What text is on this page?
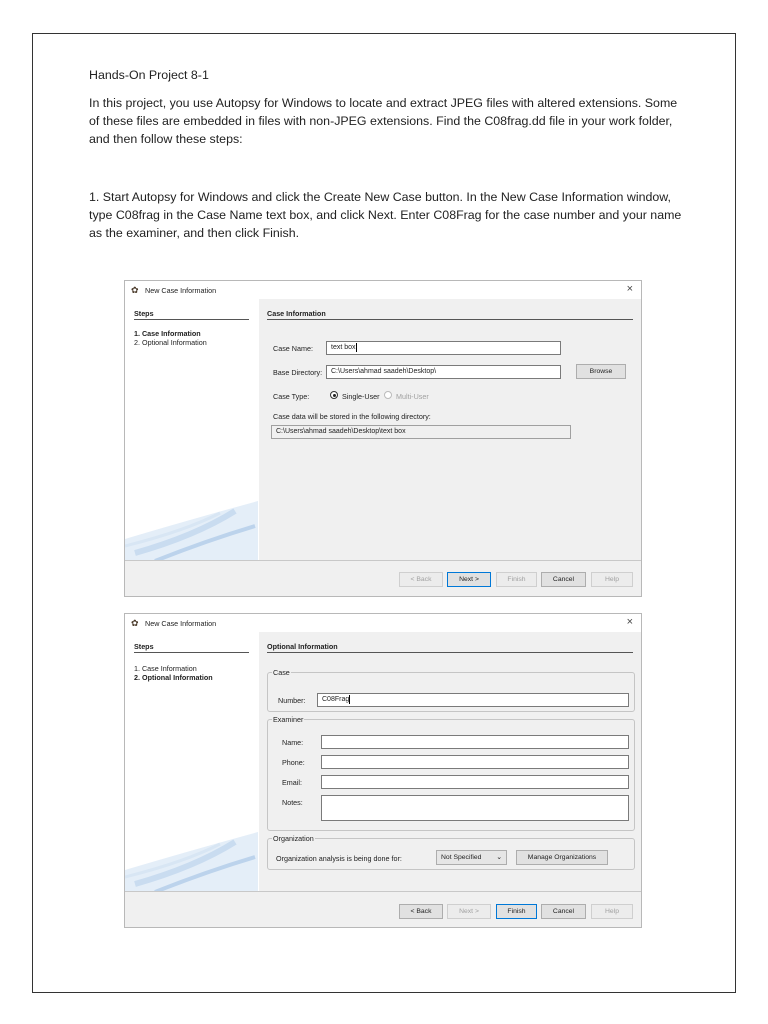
Hands-On Project 8-1

In this project, you use Autopsy for Windows to locate and extract JPEG files with altered extensions. Some of these files are embedded in files with non-JPEG extensions. Find the C08frag.dd file in your work folder, and then follow these steps:

1. Start Autopsy for Windows and click the Create New Case button. In the New Case Information window, type C08frag in the Case Name text box, and click Next. Enter C08Frag for the case number and your name as the examiner, and then click Finish.

✿ New Case Information	×
Steps
1. Case Information
2. Optional Information
Case Information
Case Name:	text box
Base Directory:	C:\Users\ahmad saadeh\Desktop\	Browse
Case Type:	Single-User Multi-User
Case data will be stored in the following directory:
C:\Users\ahmad saadeh\Desktop\text box
< Back	Next >	Finish	Cancel	Help
✿ New Case Information	×
Steps
1. Case Information
2. Optional Information
Optional Information
Case
Number:	C08Frag
Examiner
Name:
Phone:
Email:
Notes:
Organization
Organization analysis is being done for:	Not Specified ⌄	Manage Organizations
< Back	Next >	Finish	Cancel	Help
